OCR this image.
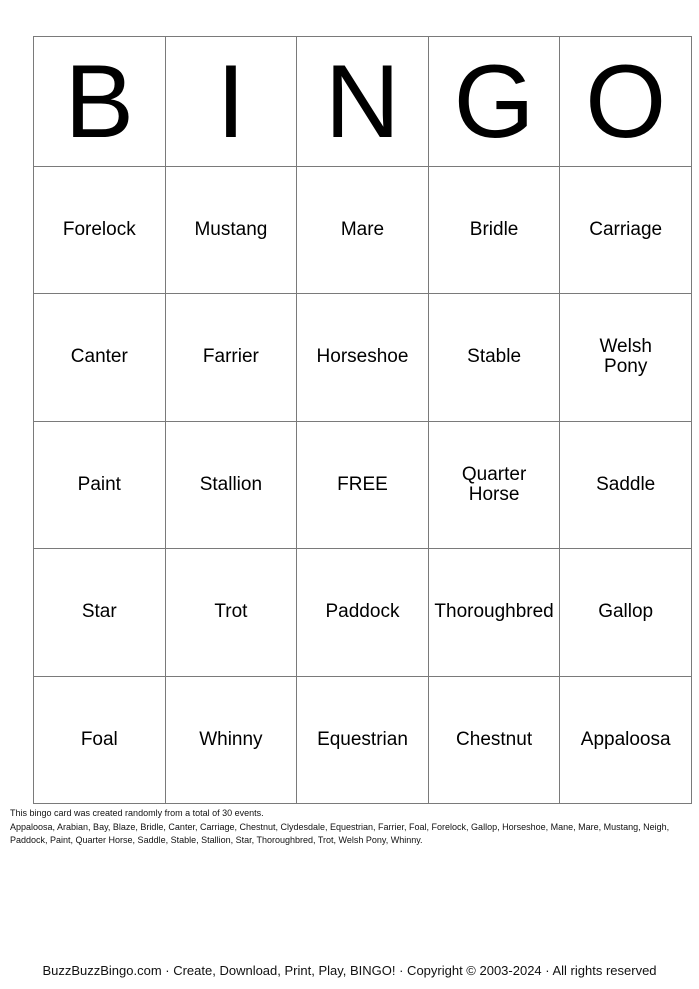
B	I	N	G	O
Forelock	Mustang	Mare	Bridle	Carriage
Canter	Farrier	Horseshoe	Stable	Welsh Pony
Paint	Stallion	FREE	Quarter Horse	Saddle
Star	Trot	Paddock	Thoroughbred	Gallop
Foal	Whinny	Equestrian	Chestnut	Appaloosa
This bingo card was created randomly from a total of 30 events.
Appaloosa, Arabian, Bay, Blaze, Bridle, Canter, Carriage, Chestnut, Clydesdale, Equestrian, Farrier, Foal, Forelock, Gallop, Horseshoe, Mane, Mare, Mustang, Neigh, Paddock, Paint, Quarter Horse, Saddle, Stable, Stallion, Star, Thoroughbred, Trot, Welsh Pony, Whinny.
BuzzBuzzBingo.com · Create, Download, Print, Play, BINGO! · Copyright © 2003-2024 · All rights reserved
